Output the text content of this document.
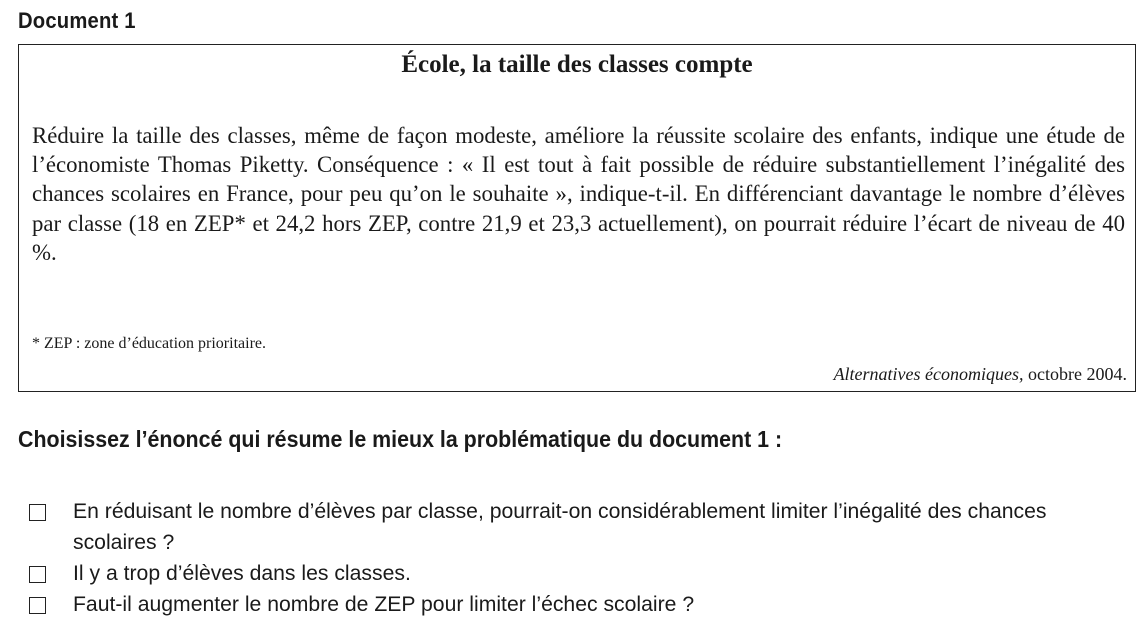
Document 1
École, la taille des classes compte

Réduire la taille des classes, même de façon modeste, améliore la réussite scolaire des enfants, indique une étude de l’économiste Thomas Piketty. Conséquence : « Il est tout à fait possible de réduire substantiellement l’inégalité des chances scolaires en France, pour peu qu’on le souhaite », indique-t-il. En différenciant davantage le nombre d’élèves par classe (18 en ZEP* et 24,2 hors ZEP, contre 21,9 et 23,3 actuellement), on pourrait réduire l’écart de niveau de 40 %.

* ZEP : zone d’éducation prioritaire.
Alternatives économiques, octobre 2004.
Choisissez l’énoncé qui résume le mieux la problématique du document 1 :
En réduisant le nombre d’élèves par classe, pourrait-on considérablement limiter l’inégalité des chances scolaires ?
Il y a trop d’élèves dans les classes.
Faut-il augmenter le nombre de ZEP pour limiter l’échec scolaire ?
